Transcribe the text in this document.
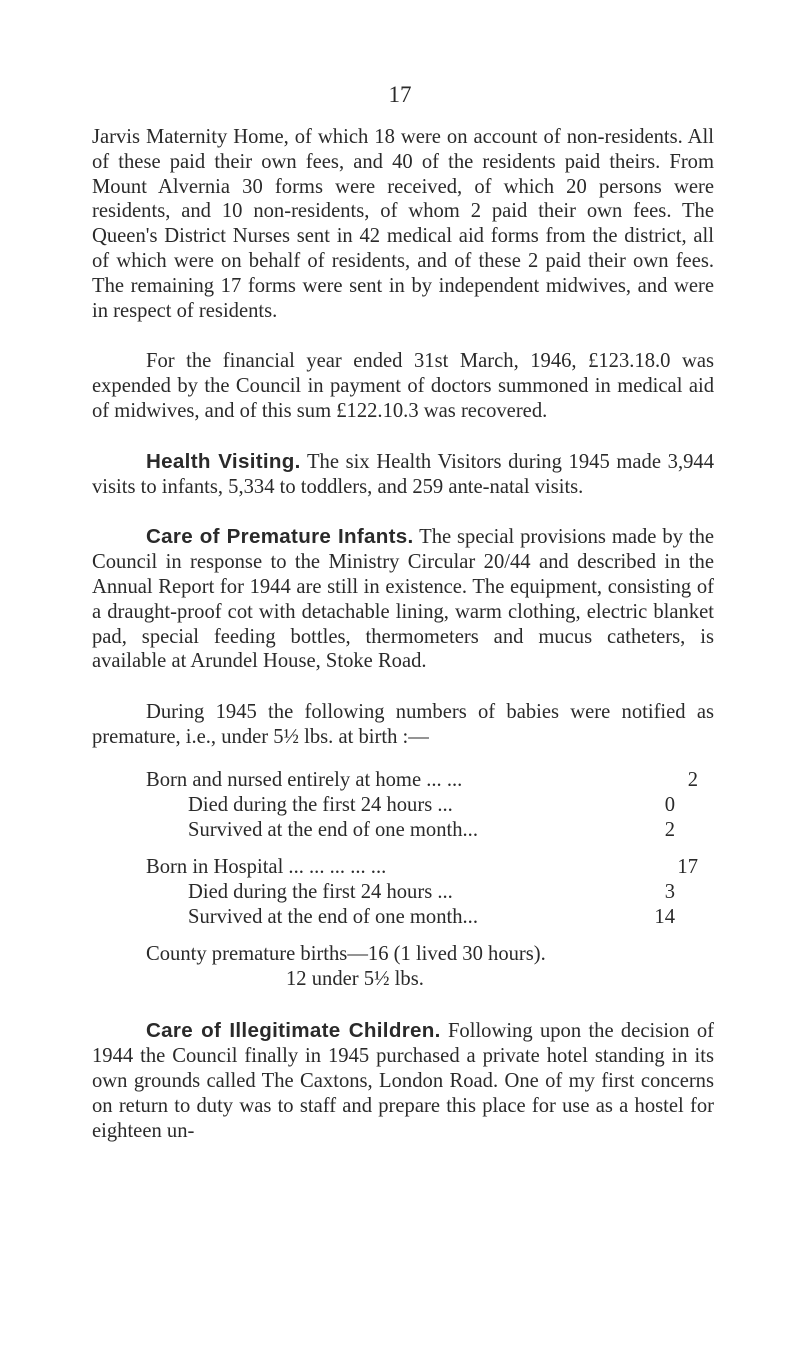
17

Jarvis Maternity Home, of which 18 were on account of non-residents. All of these paid their own fees, and 40 of the residents paid theirs. From Mount Alvernia 30 forms were received, of which 20 persons were residents, and 10 non-residents, of whom 2 paid their own fees. The Queen's District Nurses sent in 42 medical aid forms from the district, all of which were on behalf of residents, and of these 2 paid their own fees. The remaining 17 forms were sent in by independent midwives, and were in respect of residents.

For the financial year ended 31st March, 1946, £123.18.0 was expended by the Council in payment of doctors summoned in medical aid of midwives, and of this sum £122.10.3 was recovered.

Health Visiting. The six Health Visitors during 1945 made 3,944 visits to infants, 5,334 to toddlers, and 259 ante-natal visits.

Care of Premature Infants. The special provisions made by the Council in response to the Ministry Circular 20/44 and described in the Annual Report for 1944 are still in existence. The equipment, consisting of a draught-proof cot with detachable lining, warm clothing, electric blanket pad, special feeding bottles, thermometers and mucus catheters, is available at Arundel House, Stoke Road.

During 1945 the following numbers of babies were notified as premature, i.e., under 5½ lbs. at birth :—

Born and nursed entirely at home ... ...	2
Died during the first 24 hours ...	0
Survived at the end of one month...	2
Born in Hospital ... ... ... ... ...	17
Died during the first 24 hours ...	3
Survived at the end of one month...	14
County premature births—16 (1 lived 30 hours).
12 under 5½ lbs.

Care of Illegitimate Children. Following upon the decision of 1944 the Council finally in 1945 purchased a private hotel standing in its own grounds called The Caxtons, London Road. One of my first concerns on return to duty was to staff and prepare this place for use as a hostel for eighteen un-
